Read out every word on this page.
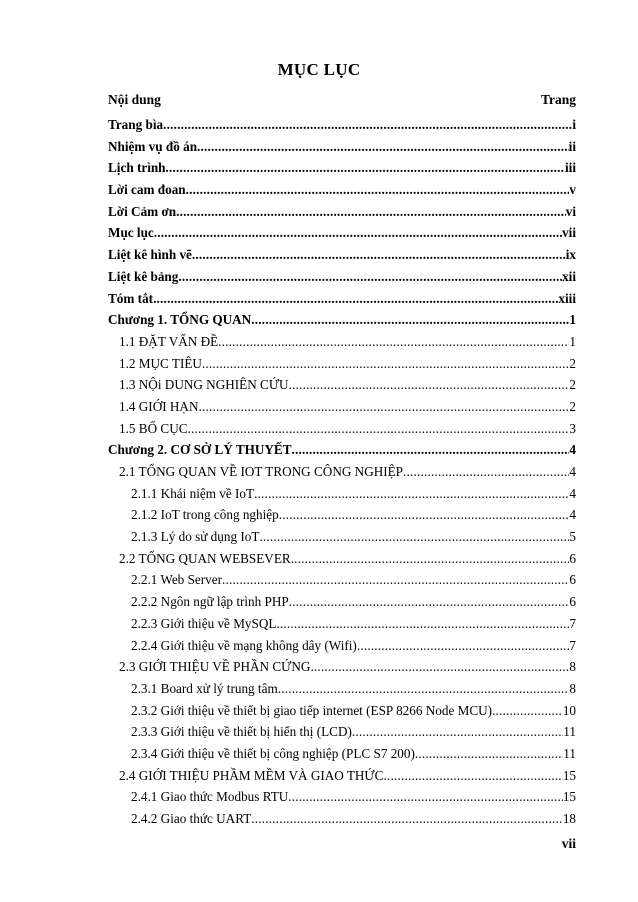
MỤC LỤC
Nội dung	Trang
Trang bìa .....	i
Nhiệm vụ đồ án .....	ii
Lịch trình .....	iii
Lời cam đoan .....	v
Lời Cảm ơn .....	vi
Mục lục .....	vii
Liệt kê hình vẽ .....	ix
Liệt kê bảng .....	xii
Tóm tắt .....	xiii
Chương 1. TỔNG QUAN .....	1
1.1 ĐẶT VẤN ĐỀ .....	1
1.2 MỤC TIÊU .....	2
1.3 NỘi DUNG NGHIÊN CỨU .....	2
1.4 GIỚI HẠN .....	2
1.5 BỐ CỤC .....	3
Chương 2. CƠ SỞ LÝ THUYẾT .....	4
2.1 TỔNG QUAN VỀ IOT TRONG CÔNG NGHIỆP .....	4
2.1.1 Khái niệm về IoT .....	4
2.1.2 IoT trong công nghiệp .....	4
2.1.3 Lý do sử dụng IoT .....	5
2.2 TỔNG QUAN WEBSEVER .....	6
2.2.1 Web Server .....	6
2.2.2 Ngôn ngữ lập trình PHP .....	6
2.2.3 Giới thiệu về MySQL .....	7
2.2.4 Giới thiệu về mạng không dây (Wifi) .....	7
2.3 GIỚI THIỆU VỀ PHẦN CỨNG .....	8
2.3.1 Board xử lý trung tâm .....	8
2.3.2 Giới thiệu về thiết bị giao tiếp internet (ESP 8266 Node MCU) .....	10
2.3.3 Giới thiệu về thiết bị hiển thị (LCD) .....	11
2.3.4 Giới thiệu về thiết bị công nghiệp (PLC S7 200) .....	11
2.4 GIỚI THIỆU PHẦM MỀM VÀ GIAO THỨC .....	15
2.4.1 Giao thức Modbus RTU .....	15
2.4.2 Giao thức UART .....	18
vii
